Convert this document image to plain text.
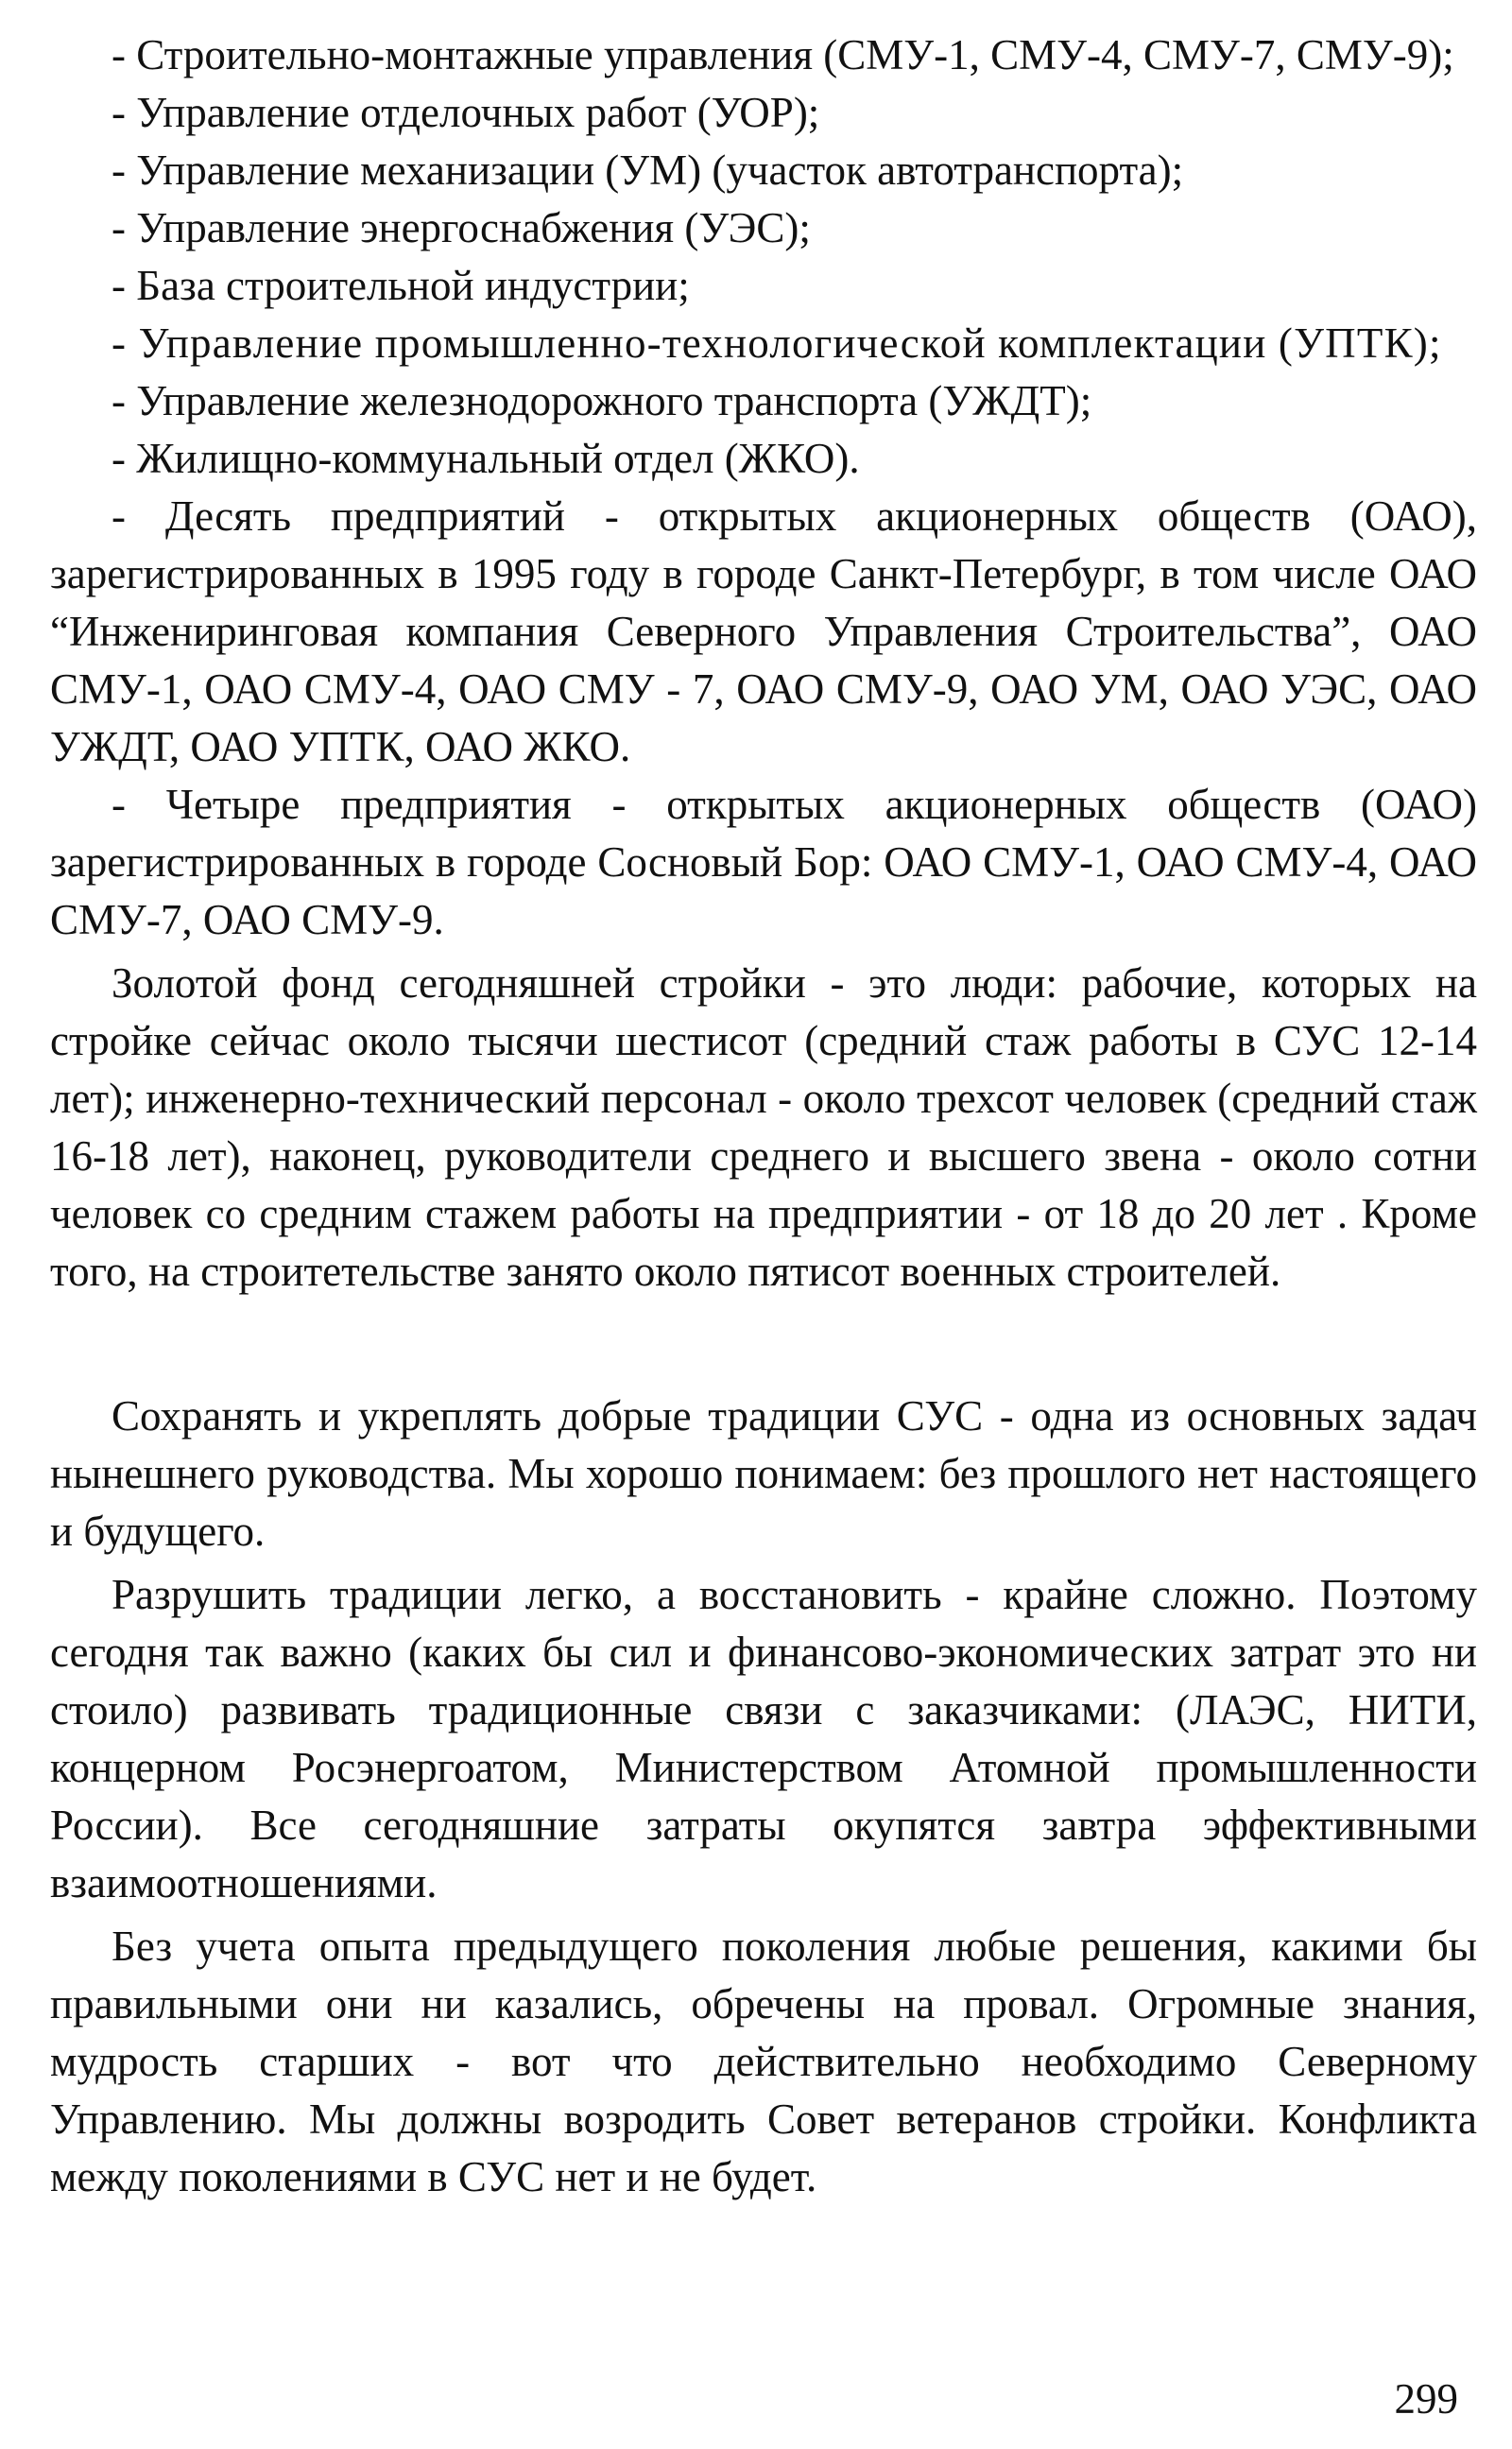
- Строительно-монтажные управления (СМУ-1, СМУ-4, СМУ-7, СМУ-9);

- Управление отделочных работ (УОР);

- Управление механизации (УМ) (участок автотранспорта);

- Управление энергоснабжения (УЭС);

- База строительной индустрии;

- Управление промышленно-технологической комплектации (УПТК);

- Управление железнодорожного транспорта (УЖДТ);

- Жилищно-коммунальный отдел (ЖКО).

- Десять предприятий - открытых акционерных обществ (ОАО), зарегистрированных в 1995 году в городе Санкт-Петербург, в том числе ОАО “Инжениринговая компания Северного Управления Строительства”, ОАО СМУ-1, ОАО СМУ-4, ОАО СМУ - 7, ОАО СМУ-9, ОАО УМ, ОАО УЭС, ОАО УЖДТ, ОАО УПТК, ОАО ЖКО.

- Четыре предприятия - открытых акционерных обществ (ОАО) зарегистрированных в городе Сосновый Бор: ОАО СМУ-1, ОАО СМУ-4, ОАО СМУ-7, ОАО СМУ-9.

Золотой фонд сегодняшней стройки - это люди: рабочие, которых на стройке сейчас около тысячи шестисот (средний стаж работы в СУС 12-14 лет); инженерно-технический персонал - около трехсот человек (средний стаж 16-18 лет), наконец, руководители среднего и высшего звена - около сотни человек со средним стажем работы на предприятии - от 18 до 20 лет . Кроме того, на строитетельстве занято около пятисот военных строителей.

Сохранять и укреплять добрые традиции СУС - одна из основных задач нынешнего руководства. Мы хорошо понимаем: без прошлого нет настоящего и будущего.

Разрушить традиции легко, а восстановить - крайне сложно. Поэтому сегодня так важно (каких бы сил и финансово-экономических затрат это ни стоило) развивать традиционные связи с заказчиками: (ЛАЭС, НИТИ, концерном Росэнергоатом, Министерством Атомной промышленности России). Все сегодняшние затраты окупятся завтра эффективными взаимоотношениями.

Без учета опыта предыдущего поколения любые решения, какими бы правильными они ни казались, обречены на провал. Огромные знания, мудрость старших - вот что действительно необходимо Северному Управлению. Мы должны возродить Совет ветеранов стройки. Конфликта между поколениями в СУС нет и не будет.

299
